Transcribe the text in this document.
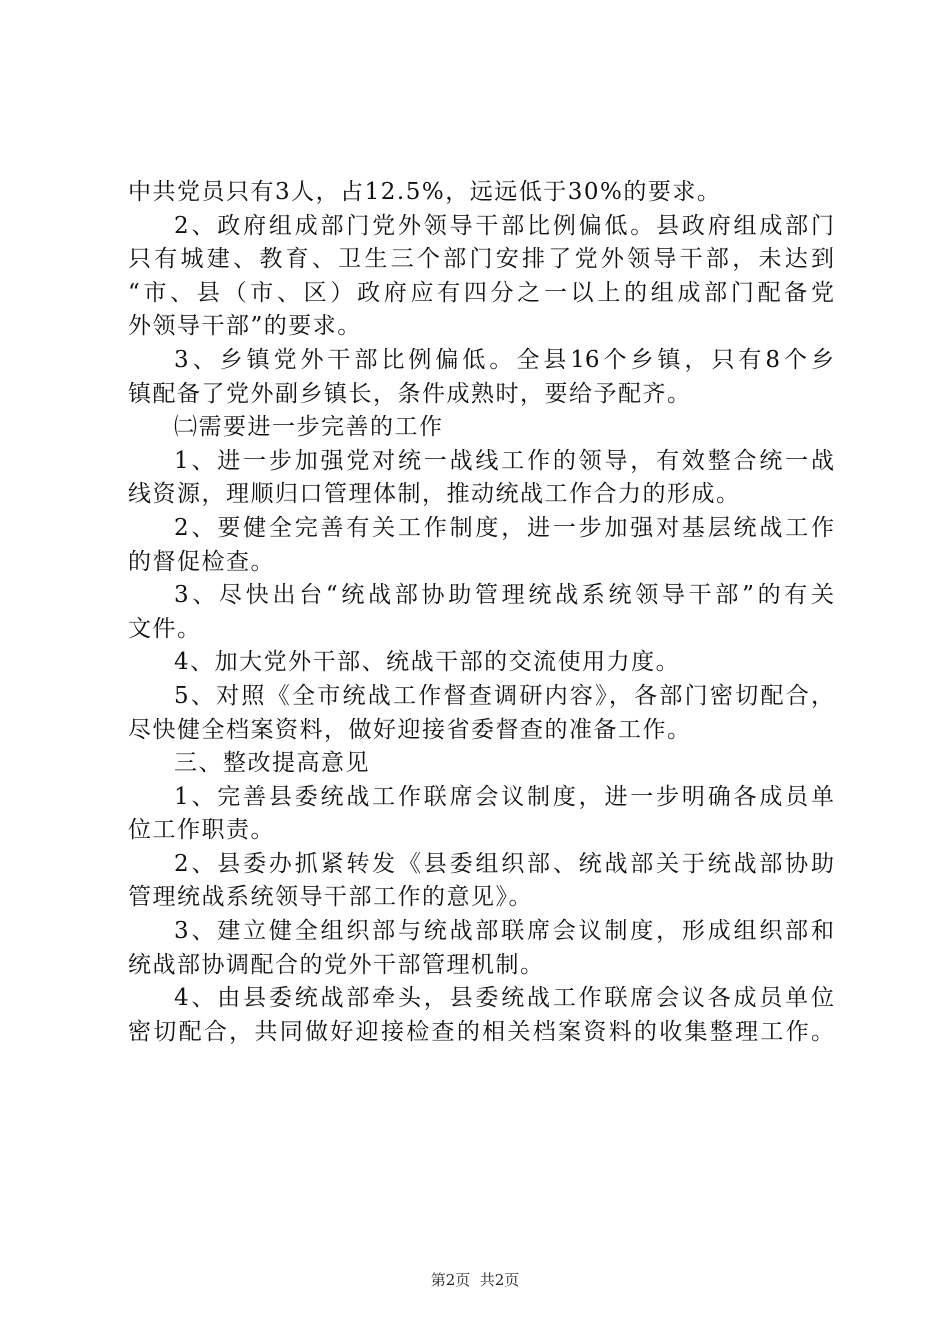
中共党员只有3人，占12.5%，远远低于30%的要求。
2、政府组成部门党外领导干部比例偏低。县政府组成部门
只有城建、教育、卫生三个部门安排了党外领导干部，未达到
“市、县（市、区）政府应有四分之一以上的组成部门配备党
外领导干部”的要求。
3、乡镇党外干部比例偏低。全县16个乡镇，只有8个乡
镇配备了党外副乡镇长，条件成熟时，要给予配齐。
㈡需要进一步完善的工作
1、进一步加强党对统一战线工作的领导，有效整合统一战
线资源，理顺归口管理体制，推动统战工作合力的形成。
2、要健全完善有关工作制度，进一步加强对基层统战工作
的督促检查。
3、尽快出台“统战部协助管理统战系统领导干部”的有关
文件。
4、加大党外干部、统战干部的交流使用力度。
5、对照《全市统战工作督查调研内容》，各部门密切配合，
尽快健全档案资料，做好迎接省委督查的准备工作。
三、整改提高意见
1、完善县委统战工作联席会议制度，进一步明确各成员单
位工作职责。
2、县委办抓紧转发《县委组织部、统战部关于统战部协助
管理统战系统领导干部工作的意见》。
3、建立健全组织部与统战部联席会议制度，形成组织部和
统战部协调配合的党外干部管理机制。
4、由县委统战部牵头，县委统战工作联席会议各成员单位
密切配合，共同做好迎接检查的相关档案资料的收集整理工作。
第2页  共2页
